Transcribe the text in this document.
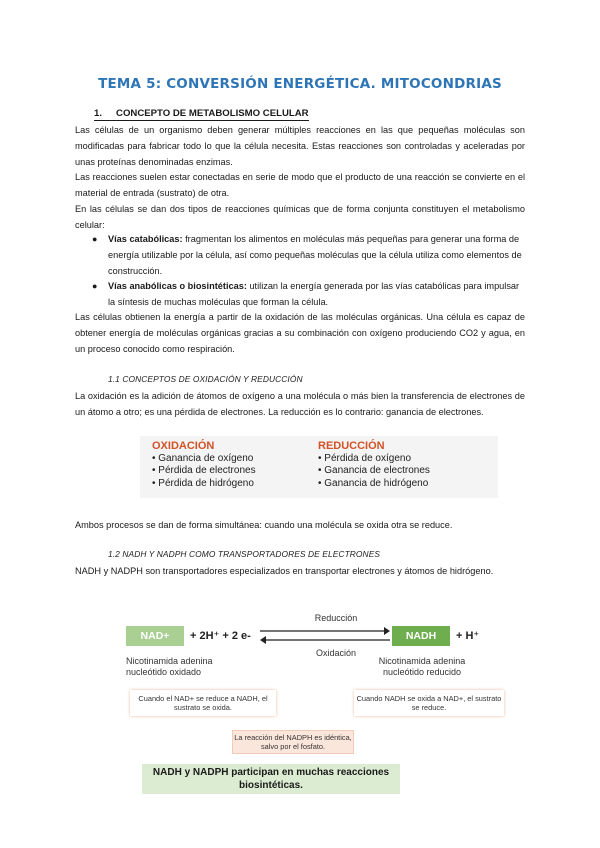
TEMA 5: CONVERSIÓN ENERGÉTICA. MITOCONDRIAS
1. CONCEPTO DE METABOLISMO CELULAR

Las células de un organismo deben generar múltiples reacciones en las que pequeñas moléculas son modificadas para fabricar todo lo que la célula necesita. Estas reacciones son controladas y aceleradas por unas proteínas denominadas enzimas.

Las reacciones suelen estar conectadas en serie de modo que el producto de una reacción se convierte en el material de entrada (sustrato) de otra.

En las células se dan dos tipos de reacciones químicas que de forma conjunta constituyen el metabolismo celular:

● Vías catabólicas: fragmentan los alimentos en moléculas más pequeñas para generar una forma de energía utilizable por la célula, así como pequeñas moléculas que la célula utiliza como elementos de construcción.

● Vías anabólicas o biosintéticas: utilizan la energía generada por las vías catabólicas para impulsar la síntesis de muchas moléculas que forman la célula.

Las células obtienen la energía a partir de la oxidación de las moléculas orgánicas. Una célula es capaz de obtener energía de moléculas orgánicas gracias a su combinación con oxígeno produciendo CO2 y agua, en un proceso conocido como respiración.

1.1 CONCEPTOS DE OXIDACIÓN Y REDUCCIÓN

La oxidación es la adición de átomos de oxígeno a una molécula o más bien la transferencia de electrones de un átomo a otro; es una pérdida de electrones. La reducción es lo contrario: ganancia de electrones.

OXIDACIÓN
• Ganancia de oxígeno
• Pérdida de electrones
• Pérdida de hidrógeno
REDUCCIÓN
• Pérdida de oxígeno
• Ganancia de electrones
• Ganancia de hidrógeno

Ambos procesos se dan de forma simultánea: cuando una molécula se oxida otra se reduce.

1.2 NADH Y NADPH COMO TRANSPORTADORES DE ELECTRONES

NADH y NADPH son transportadores especializados en transportar electrones y átomos de hidrógeno.

NAD+	+ 2H⁺ + 2 e-
Reducción
Oxidación
NADH	+ H⁺
Nicotinamida adenina nucleótido oxidado
Nicotinamida adenina nucleótido reducido
Cuando el NAD+ se reduce a NADH, el sustrato se oxida.
Cuando NADH se oxida a NAD+, el sustrato se reduce.
La reacción del NADPH es idéntica, salvo por el fosfato.
NADH y NADPH participan en muchas reacciones biosintéticas.
